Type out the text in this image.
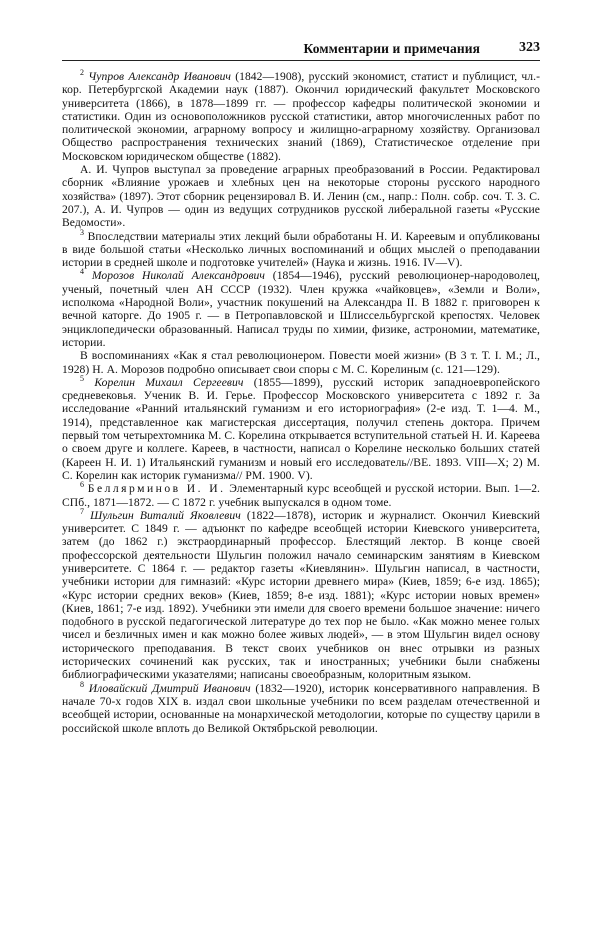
Комментарии и примечания	323

$^2$ Чупров Александр Иванович (1842—1908), русский экономист, статист и публицист, чл.-кор. Петербургской Академии наук (1887). Окончил юридический факультет Московского университета (1866), в 1878—1899 гг. — профессор кафедры политической экономии и статистики. Один из основоположников русской статистики, автор многочисленных работ по политической экономии, аграрному вопросу и жилищно-аграрному хозяйству. Организовал Общество распространения технических знаний (1869), Статистическое отделение при Московском юридическом обществе (1882).

А. И. Чупров выступал за проведение аграрных преобразований в России. Редактировал сборник «Влияние урожаев и хлебных цен на некоторые стороны русского народного хозяйства» (1897). Этот сборник рецензировал В. И. Ленин (см., напр.: Полн. собр. соч. Т. 3. С. 207.), А. И. Чупров — один из ведущих сотрудников русской либеральной газеты «Русские Ведомости».

$^3$ Впоследствии материалы этих лекций были обработаны Н. И. Кареевым и опубликованы в виде большой статьи «Несколько личных воспоминаний и общих мыслей о преподавании истории в средней школе и подготовке учителей» (Наука и жизнь. 1916. IV—V).

$^4$ Морозов Николай Александрович (1854—1946), русский революционер-народоволец, ученый, почетный член АН СССР (1932). Член кружка «чайковцев», «Земли и Воли», исполкома «Народной Воли», участник покушений на Александра II. В 1882 г. приговорен к вечной каторге. До 1905 г. — в Петропавловской и Шлиссельбургской крепостях. Человек энциклопедически образованный. Написал труды по химии, физике, астрономии, математике, истории.

В воспоминаниях «Как я стал революционером. Повести моей жизни» (В 3 т. Т. I. М.; Л., 1928) Н. А. Морозов подробно описывает свои споры с М. С. Корелиным (с. 121—129).

$^5$ Корелин Михаил Сергеевич (1855—1899), русский историк западноевропейского средневековья. Ученик В. И. Герье. Профессор Московского университета с 1892 г. За исследование «Ранний итальянский гуманизм и его историография» (2-е изд. Т. 1—4. М., 1914), представленное как магистерская диссертация, получил степень доктора. Причем первый том четырехтомника М. С. Корелина открывается вступительной статьей Н. И. Кареева о своем друге и коллеге. Кареев, в частности, написал о Корелине несколько больших статей (Кареен Н. И. 1) Итальянский гуманизм и новый его исследователь//ВЕ. 1893. VIII—X; 2) М. С. Корелин как историк гуманизма// РМ. 1900. V).

$^6$ Беллярминов И. И. Элементарный курс всеобщей и русской истории. Вып. 1—2. СПб., 1871—1872. — С 1872 г. учебник выпускался в одном томе.

$^7$ Шульгин Виталий Яковлевич (1822—1878), историк и журналист. Окончил Киевский университет. С 1849 г. — адъюнкт по кафедре всеобщей истории Киевского университета, затем (до 1862 г.) экстраординарный профессор. Блестящий лектор. В конце своей профессорской деятельности Шульгин положил начало семинарским занятиям в Киевском университете. С 1864 г. — редактор газеты «Киевлянин». Шульгин написал, в частности, учебники истории для гимназий: «Курс истории древнего мира» (Киев, 1859; 6-е изд. 1865); «Курс истории средних веков» (Киев, 1859; 8-е изд. 1881); «Курс истории новых времен» (Киев, 1861; 7-е изд. 1892). Учебники эти имели для своего времени большое значение: ничего подобного в русской педагогической литературе до тех пор не было. «Как можно менее голых чисел и безличных имен и как можно более живых людей», — в этом Шульгин видел основу исторического преподавания. В текст своих учебников он внес отрывки из разных исторических сочинений как русских, так и иностранных; учебники были снабжены библиографическими указателями; написаны своеобразным, колоритным языком.

$^8$ Иловайский Дмитрий Иванович (1832—1920), историк консервативного направления. В начале 70-х годов XIX в. издал свои школьные учебники по всем разделам отечественной и всеобщей истории, основанные на монархической методологии, которые по существу царили в российской школе вплоть до Великой Октябрьской революции.
